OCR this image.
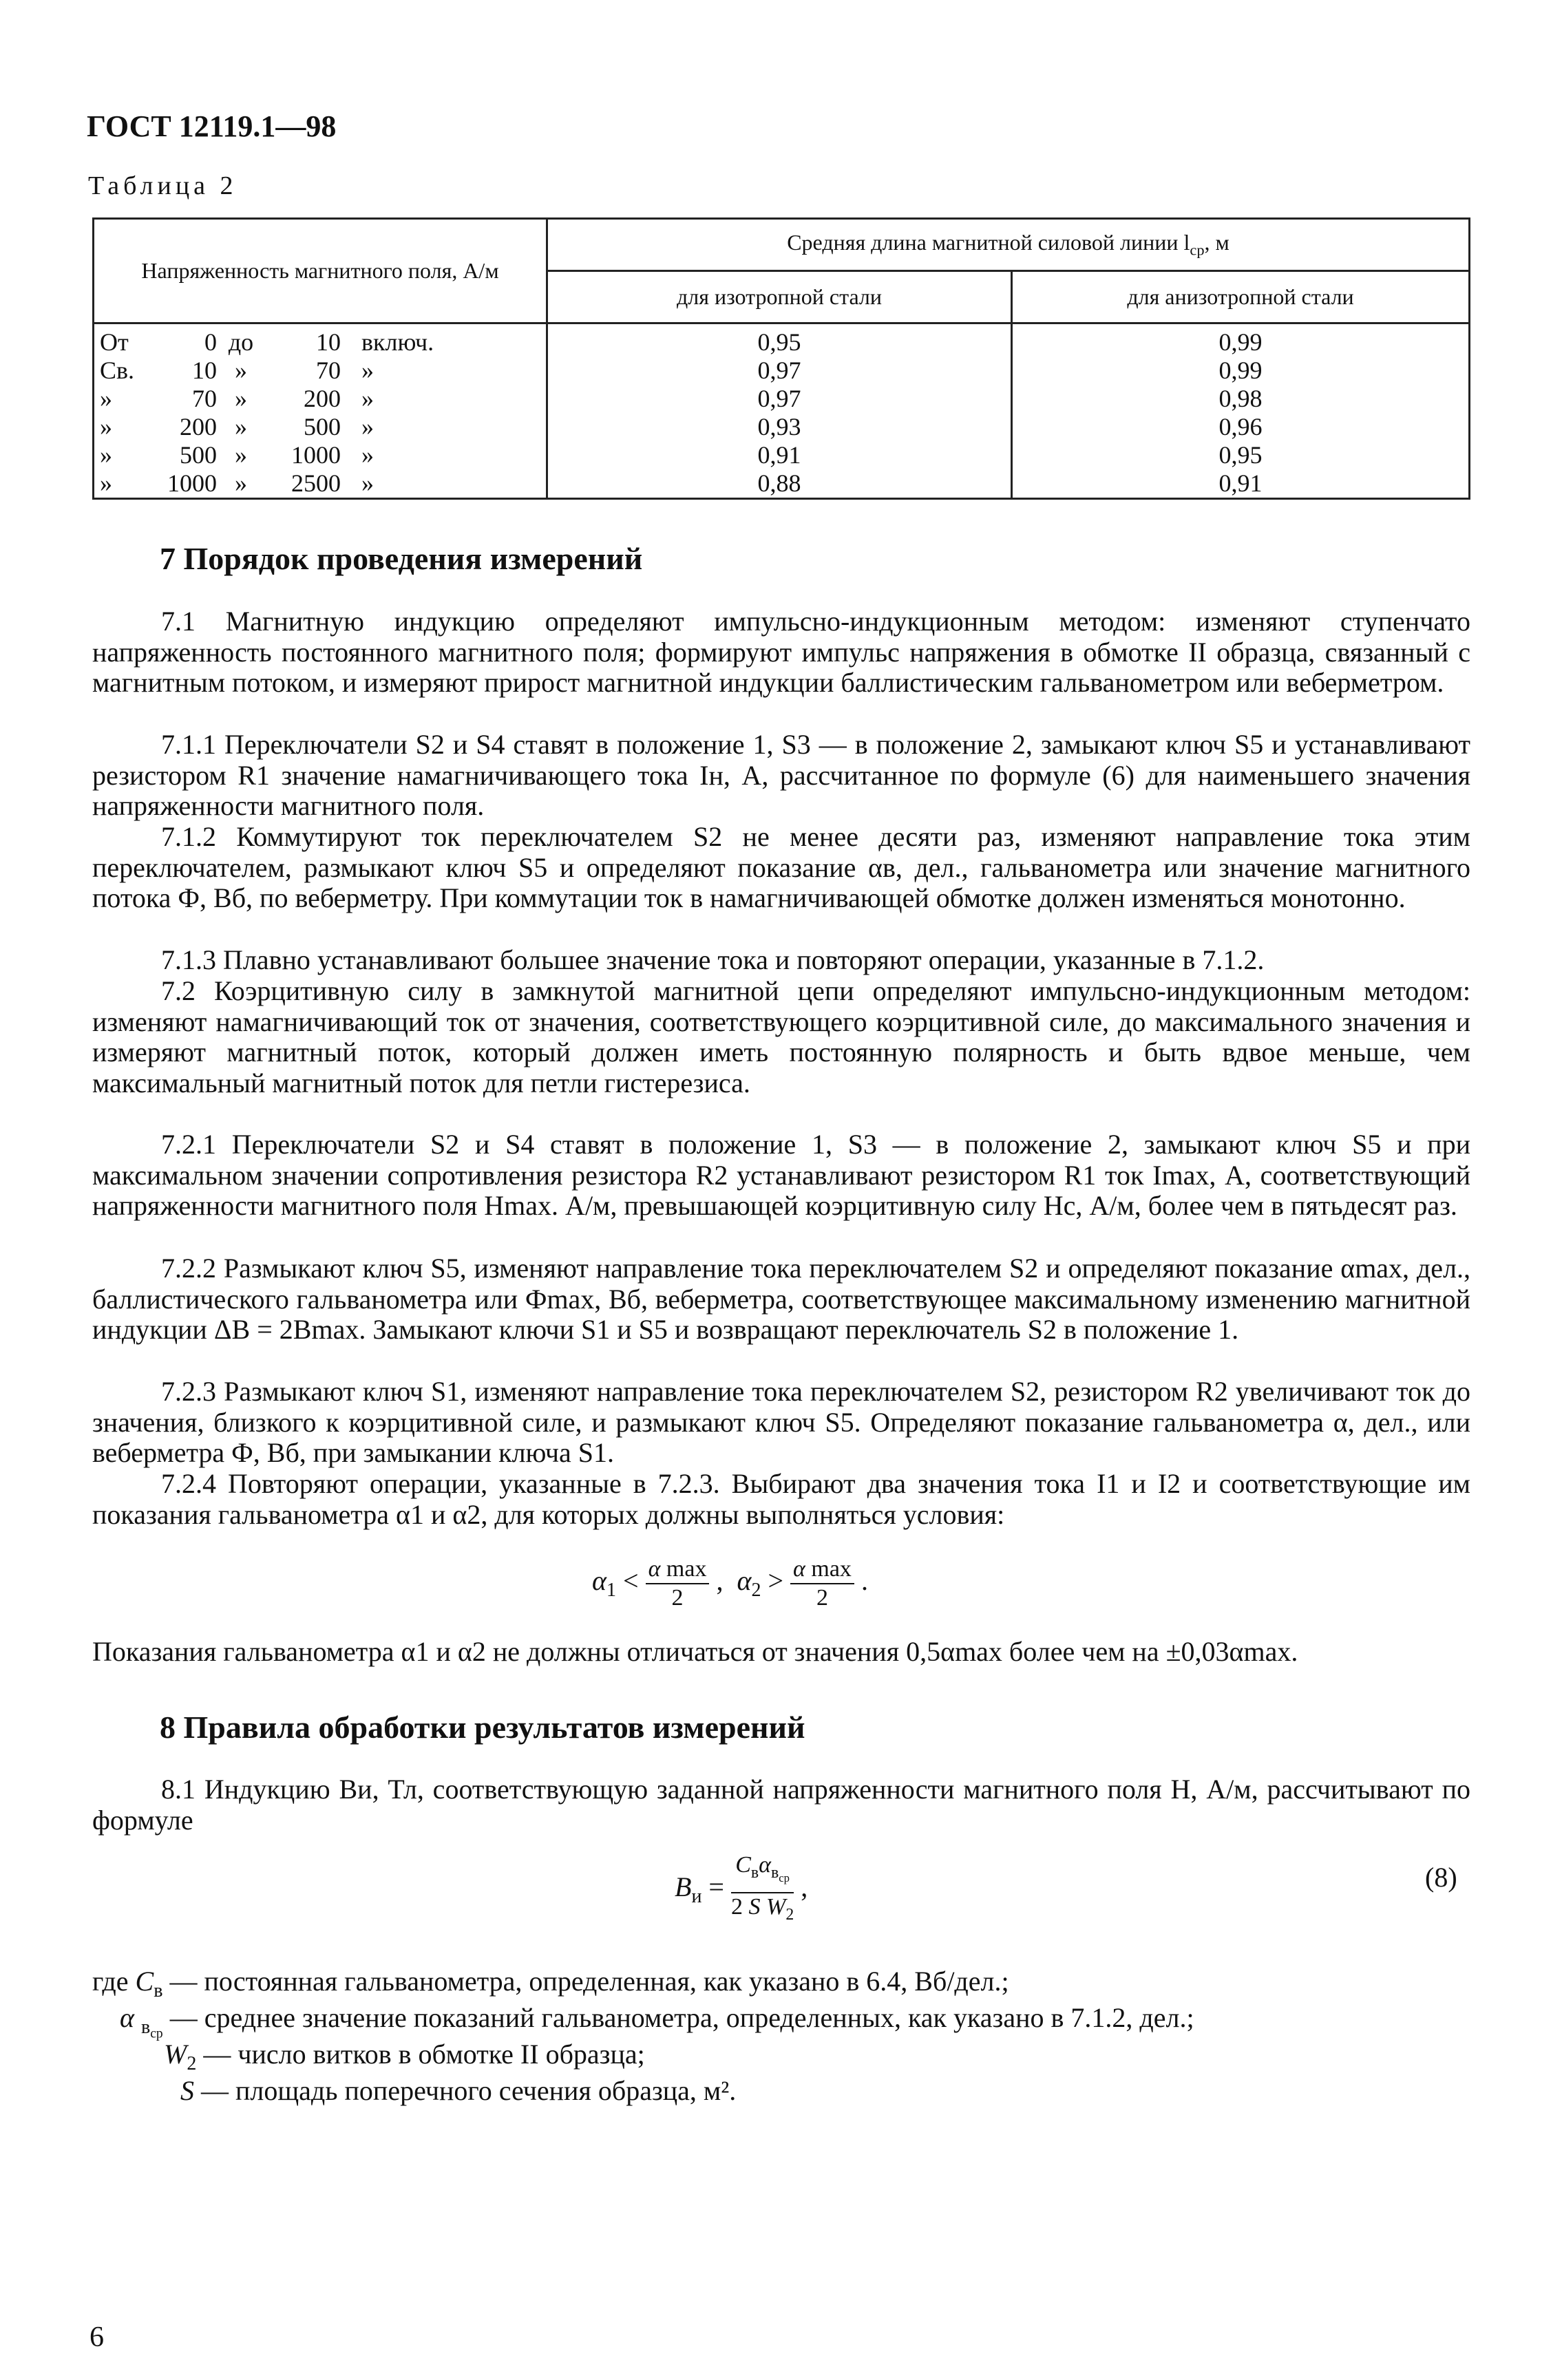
ГОСТ 12119.1—98
Таблица 2
Напряженность магнитного поля, А/м	Средняя длина магнитной силовой линии $l_{ср}$, м	
	для изотропной стали	для анизотропной стали
От 0 до 10 включ.	0,95	0,99
Св. 10 » 70 »	0,97	0,99
» 70 » 200 »	0,97	0,98
» 200 » 500 »	0,93	0,96
» 500 » 1000 »	0,91	0,95
» 1000 » 2500 »	0,88	0,91
7 Порядок проведения измерений

7.1 Магнитную индукцию определяют импульсно-индукционным методом: изменяют ступенчато напряженность постоянного магнитного поля; формируют импульс напряжения в обмотке II образца, связанный с магнитным потоком, и измеряют прирост магнитной индукции баллистическим гальванометром или веберметром.

7.1.1 Переключатели S2 и S4 ставят в положение 1, S3 — в положение 2, замыкают ключ S5 и устанавливают резистором R1 значение намагничивающего тока Iн, А, рассчитанное по формуле (6) для наименьшего значения напряженности магнитного поля.

7.1.2 Коммутируют ток переключателем S2 не менее десяти раз, изменяют направление тока этим переключателем, размыкают ключ S5 и определяют показание αв, дел., гальванометра или значение магнитного потока Ф, Вб, по веберметру. При коммутации ток в намагничивающей обмотке должен изменяться монотонно.

7.1.3 Плавно устанавливают большее значение тока и повторяют операции, указанные в 7.1.2.

7.2 Коэрцитивную силу в замкнутой магнитной цепи определяют импульсно-индукционным методом: изменяют намагничивающий ток от значения, соответствующего коэрцитивной силе, до максимального значения и измеряют магнитный поток, который должен иметь постоянную полярность и быть вдвое меньше, чем максимальный магнитный поток для петли гистерезиса.

7.2.1 Переключатели S2 и S4 ставят в положение 1, S3 — в положение 2, замыкают ключ S5 и при максимальном значении сопротивления резистора R2 устанавливают резистором R1 ток Imax, А, соответствующий напряженности магнитного поля Hmax. А/м, превышающей коэрцитивную силу Hc, А/м, более чем в пятьдесят раз.

7.2.2 Размыкают ключ S5, изменяют направление тока переключателем S2 и определяют показание αmax, дел., баллистического гальванометра или Фmax, Вб, веберметра, соответствующее максимальному изменению магнитной индукции ΔВ = 2Вmax. Замыкают ключи S1 и S5 и возвращают переключатель S2 в положение 1.

7.2.3 Размыкают ключ S1, изменяют направление тока переключателем S2, резистором R2 увеличивают ток до значения, близкого к коэрцитивной силе, и размыкают ключ S5. Определяют показание гальванометра α, дел., или веберметра Ф, Вб, при замыкании ключа S1.

7.2.4 Повторяют операции, указанные в 7.2.3. Выбирают два значения тока I1 и I2 и соответствующие им показания гальванометра α1 и α2, для которых должны выполняться условия:

$\alpha_1 < \frac{\text{α max}}{2}$ ,  $\alpha_2 > \frac{\text{α max}}{2}$ .

Показания гальванометра α1 и α2 не должны отличаться от значения 0,5αmax более чем на ±0,03αmax.

8 Правила обработки результатов измерений

8.1 Индукцию Ви, Тл, соответствующую заданной напряженности магнитного поля Н, А/м, рассчитывают по формуле

$В_и = \frac{С_в\alpha_{в_{ср}}}{2 S W_2}$ ,	(8)
где $С_в$ — постоянная гальванометра, определенная, как указано в 6.4, Вб/дел.;
α $_{в_{ср}}$ — среднее значение показаний гальванометра, определенных, как указано в 7.1.2, дел.;
$W_2$ — число витков в обмотке II образца;
S — площадь поперечного сечения образца, м².
6
